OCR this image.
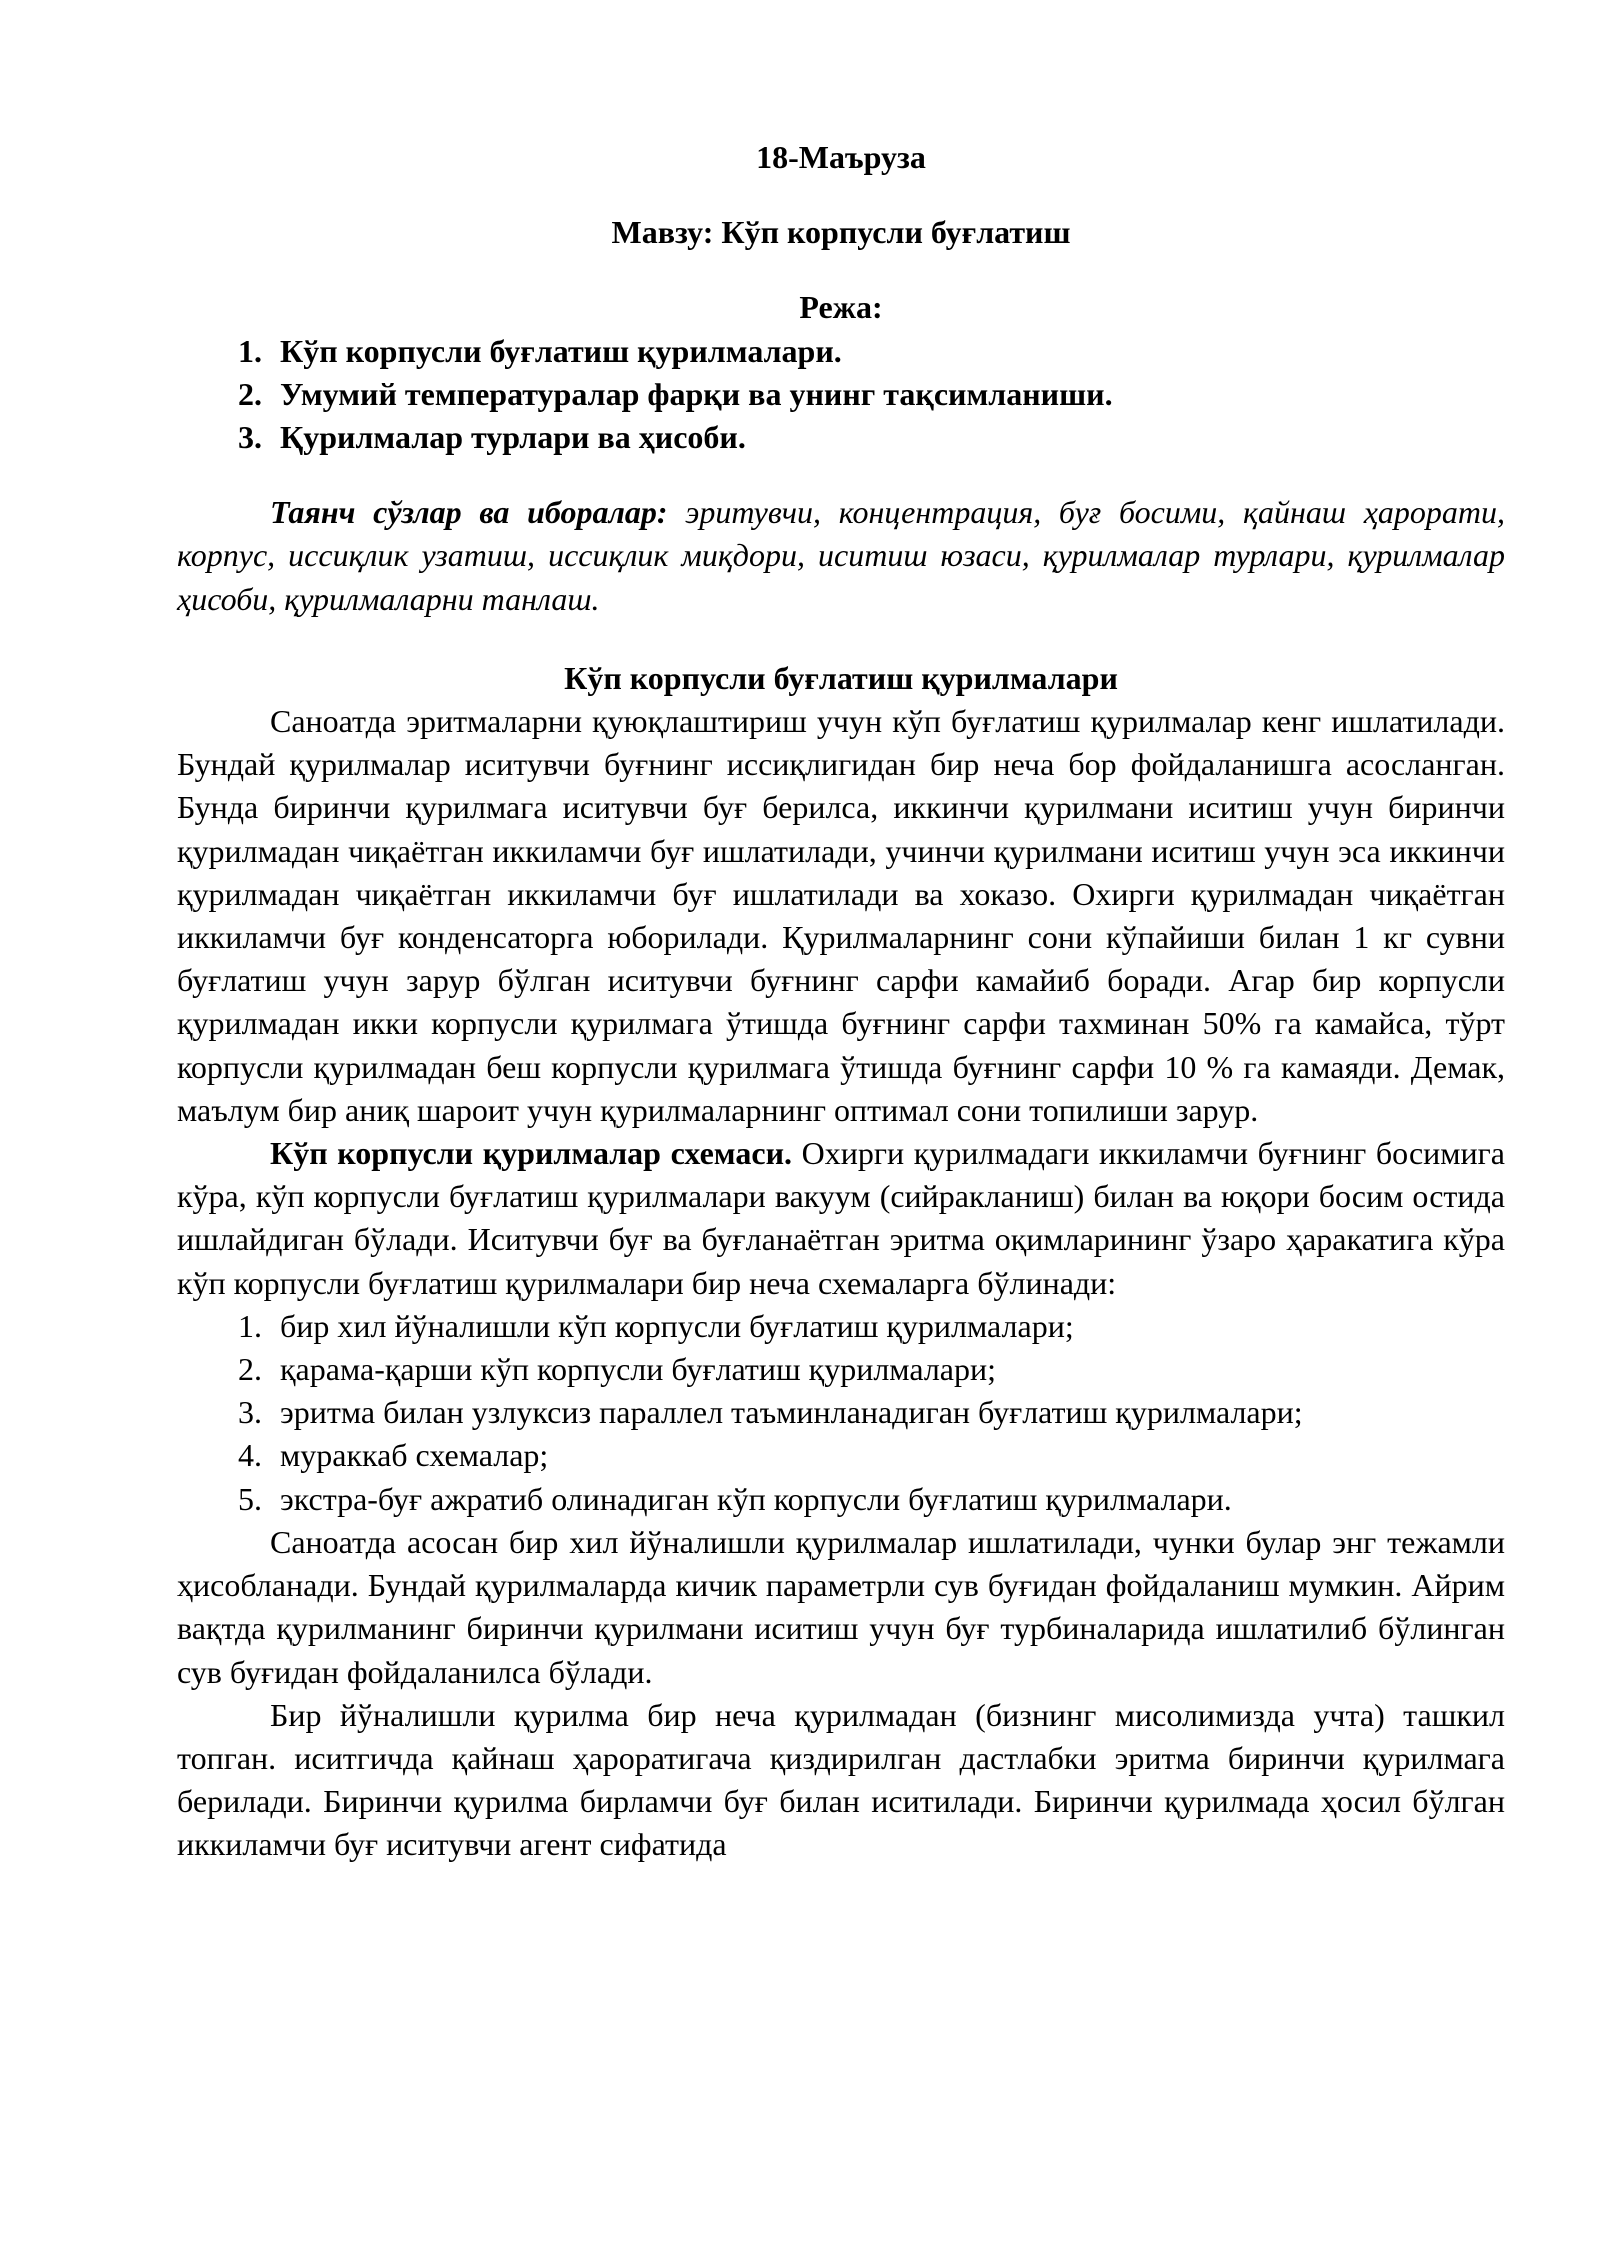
18-Маъруза
Мавзу: Кўп корпусли буғлатиш
Режа:
1. Кўп корпусли буғлатиш қурилмалари.
2. Умумий температуралар фарқи ва унинг тақсимланиши.
3. Қурилмалар турлари ва ҳисоби.

Таянч сўзлар ва иборалар: эритувчи, концентрация, буғ босими, қайнаш ҳарорати, корпус, иссиқлик узатиш, иссиқлик миқдори, иситиш юзаси, қурилмалар турлари, қурилмалар ҳисоби, қурилмаларни танлаш.

Кўп корпусли буғлатиш қурилмалари

Саноатда эритмаларни қуюқлаштириш учун кўп буғлатиш қурилмалар кенг ишлатилади. Бундай қурилмалар иситувчи буғнинг иссиқлигидан бир неча бор фойдаланишга асосланган. Бунда биринчи қурилмага иситувчи буғ берилса, иккинчи қурилмани иситиш учун биринчи қурилмадан чиқаётган иккиламчи буғ ишлатилади, учинчи қурилмани иситиш учун эса иккинчи қурилмадан чиқаётган иккиламчи буғ ишлатилади ва хоказо. Охирги қурилмадан чиқаётган иккиламчи буғ конденсаторга юборилади. Қурилмаларнинг сони кўпайиши билан 1 кг сувни буғлатиш учун зарур бўлган иситувчи буғнинг сарфи камайиб боради. Агар бир корпусли қурилмадан икки корпусли қурилмага ўтишда буғнинг сарфи тахминан 50% га камайса, тўрт корпусли қурилмадан беш корпусли қурилмага ўтишда буғнинг сарфи 10 % га камаяди. Демак, маълум бир аниқ шароит учун қурилмаларнинг оптимал сони топилиши зарур.

Кўп корпусли қурилмалар схемаси. Охирги қурилмадаги иккиламчи буғнинг босимига кўра, кўп корпусли буғлатиш қурилмалари вакуум (сийракланиш) билан ва юқори босим остида ишлайдиган бўлади. Иситувчи буғ ва буғланаётган эритма оқимларининг ўзаро ҳаракатига кўра кўп корпусли буғлатиш қурилмалари бир неча схемаларга бўлинади:

1. бир хил йўналишли кўп корпусли буғлатиш қурилмалари;
2. қарама-қарши кўп корпусли буғлатиш қурилмалари;
3. эритма билан узлуксиз параллел таъминланадиган буғлатиш қурилмалари;
4. мураккаб схемалар;
5. экстра-буғ ажратиб олинадиган кўп корпусли буғлатиш қурилмалари.

Саноатда асосан бир хил йўналишли қурилмалар ишлатилади, чунки булар энг тежамли ҳисобланади. Бундай қурилмаларда кичик параметрли сув буғидан фойдаланиш мумкин. Айрим вақтда қурилманинг биринчи қурилмани иситиш учун буғ турбиналарида ишлатилиб бўлинган сув буғидан фойдаланилса бўлади.

Бир йўналишли қурилма бир неча қурилмадан (бизнинг мисолимизда учта) ташкил топган. иситгичда қайнаш ҳароратигача қиздирилган дастлабки эритма биринчи қурилмага берилади. Биринчи қурилма бирламчи буғ билан иситилади. Биринчи қурилмада ҳосил бўлган иккиламчи буғ иситувчи агент сифатида
